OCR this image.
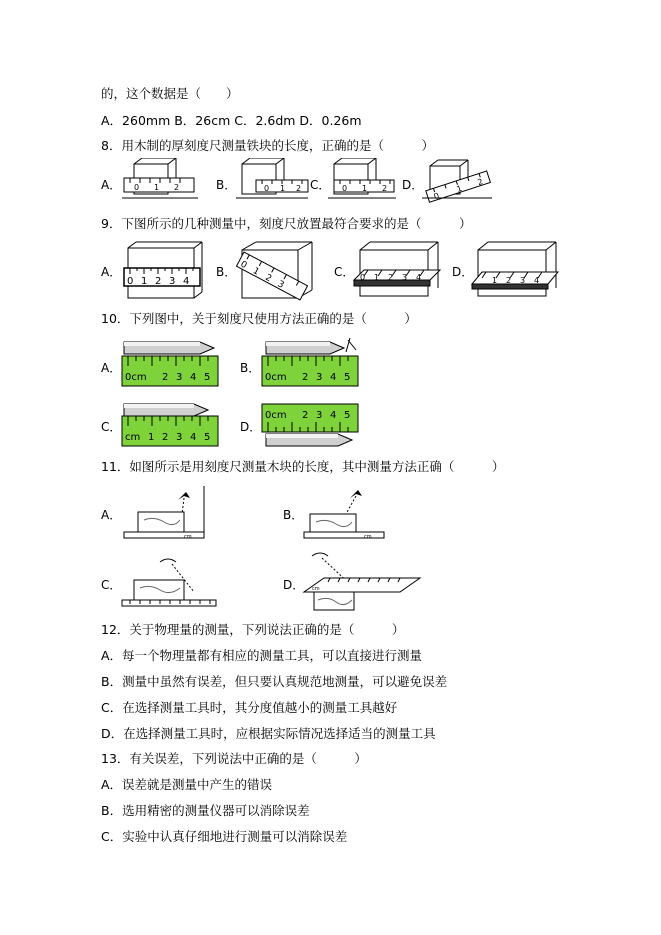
的，这个数据是（　　）
A．260mm B．26cm C．2.6dm D．0.26m
8．用木制的厚刻度尺测量铁块的长度，正确的是（　　　）
A． 0 1 2	B．	0 1 2 C． 0 1 2 D．
0
1
2
9．下图所示的几种测量中，刻度尺放置最符合要求的是（　　　）
A．
0 1 2 3 4
B． 0
1
2
3
C． 0 1 2 3 4	D．
1 2 3 4
10．下列图中，关于刻度尺使用方法正确的是（　　　）
A．
0cm 2 3 4 5
B．
0cm 2 3 4 5
C．
cm 1 2 3 4 5
D．
0cm 2 3 4 5
11．如图所示是用刻度尺测量木块的长度，其中测量方法正确（　　　）
A．
cm
B．
cm
C．	D． cm
12．关于物理量的测量，下列说法正确的是（　　　）
A．每一个物理量都有相应的测量工具，可以直接进行测量
B．测量中虽然有误差，但只要认真规范地测量，可以避免误差
C．在选择测量工具时，其分度值越小的测量工具越好
D．在选择测量工具时，应根据实际情况选择适当的测量工具
13．有关误差，下列说法中正确的是（　　　）
A．误差就是测量中产生的错误
B．选用精密的测量仪器可以消除误差
C．实验中认真仔细地进行测量可以消除误差
